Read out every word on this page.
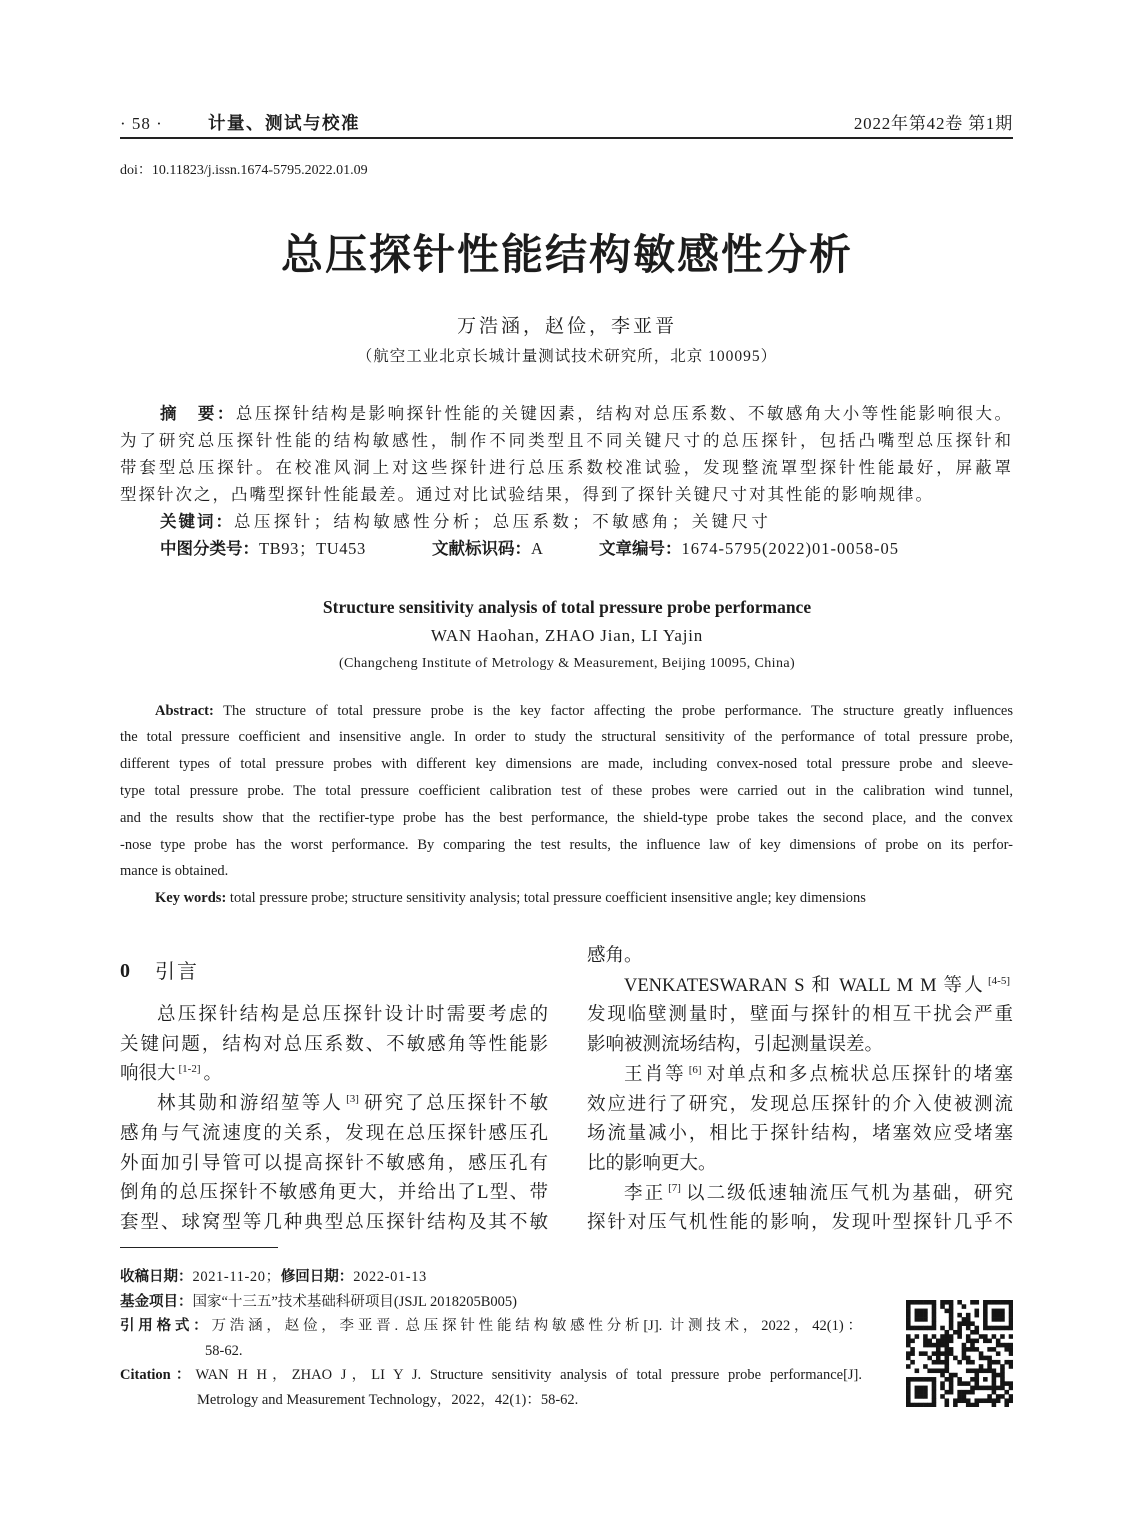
· 58 ·	计量、测试与校准	2022年第42卷 第1期
doi：10.11823/j.issn.1674-5795.2022.01.09
总压探针性能结构敏感性分析
万浩涵，赵俭，李亚晋
（航空工业北京长城计量测试技术研究所，北京 100095）
摘　要：总压探针结构是影响探针性能的关键因素，结构对总压系数、不敏感角大小等性能影响很大。
为了研究总压探针性能的结构敏感性，制作不同类型且不同关键尺寸的总压探针，包括凸嘴型总压探针和
带套型总压探针。在校准风洞上对这些探针进行总压系数校准试验，发现整流罩型探针性能最好，屏蔽罩
型探针次之，凸嘴型探针性能最差。通过对比试验结果，得到了探针关键尺寸对其性能的影响规律。
关键词：总压探针；结构敏感性分析；总压系数；不敏感角；关键尺寸
中图分类号：TB93；TU453	文献标识码：A	文章编号：1674-5795(2022)01-0058-05
Structure sensitivity analysis of total pressure probe performance
WAN Haohan, ZHAO Jian, LI Yajin
(Changcheng Institute of Metrology & Measurement, Beijing 10095, China)
Abstract: The structure of total pressure probe is the key factor affecting the probe performance. The structure greatly influences
the total pressure coefficient and insensitive angle. In order to study the structural sensitivity of the performance of total pressure probe,
different types of total pressure probes with different key dimensions are made, including convex-nosed total pressure probe and sleeve-
type total pressure probe. The total pressure coefficient calibration test of these probes were carried out in the calibration wind tunnel,
and the results show that the rectifier-type probe has the best performance, the shield-type probe takes the second place, and the convex
-nose type probe has the worst performance. By comparing the test results, the influence law of key dimensions of probe on its perfor-
mance is obtained.
Key words: total pressure probe; structure sensitivity analysis; total pressure coefficient insensitive angle; key dimensions
0 引言
总压探针结构是总压探针设计时需要考虑的
关键问题，结构对总压系数、不敏感角等性能影
响很大 [1-2] 。
林其勋和游绍堃等人 [3] 研究了总压探针不敏
感角与气流速度的关系，发现在总压探针感压孔
外面加引导管可以提高探针不敏感角，感压孔有
倒角的总压探针不敏感角更大，并给出了L型、带
套型、球窝型等几种典型总压探针结构及其不敏
感角。
VENKATESWARAN S 和 WALL M M 等人 [4-5]
发现临壁测量时，壁面与探针的相互干扰会严重
影响被测流场结构，引起测量误差。
王肖等 [6] 对单点和多点梳状总压探针的堵塞
效应进行了研究，发现总压探针的介入使被测流
场流量减小，相比于探针结构，堵塞效应受堵塞
比的影响更大。
李正 [7] 以二级低速轴流压气机为基础，研究
探针对压气机性能的影响，发现叶型探针几乎不
收稿日期：2021-11-20；修回日期：2022-01-13
基金项目：国家“十三五”技术基础科研项目(JSJL 2018205B005)
引用格式：万浩涵，赵俭，李亚晋. 总压探针性能结构敏感性分析[J]. 计测技术，2022，42(1)：
58-62.
Citation：WAN H H，ZHAO J，LI Y J. Structure sensitivity analysis of total pressure probe performance[J].
Metrology and Measurement Technology，2022，42(1)：58-62.
